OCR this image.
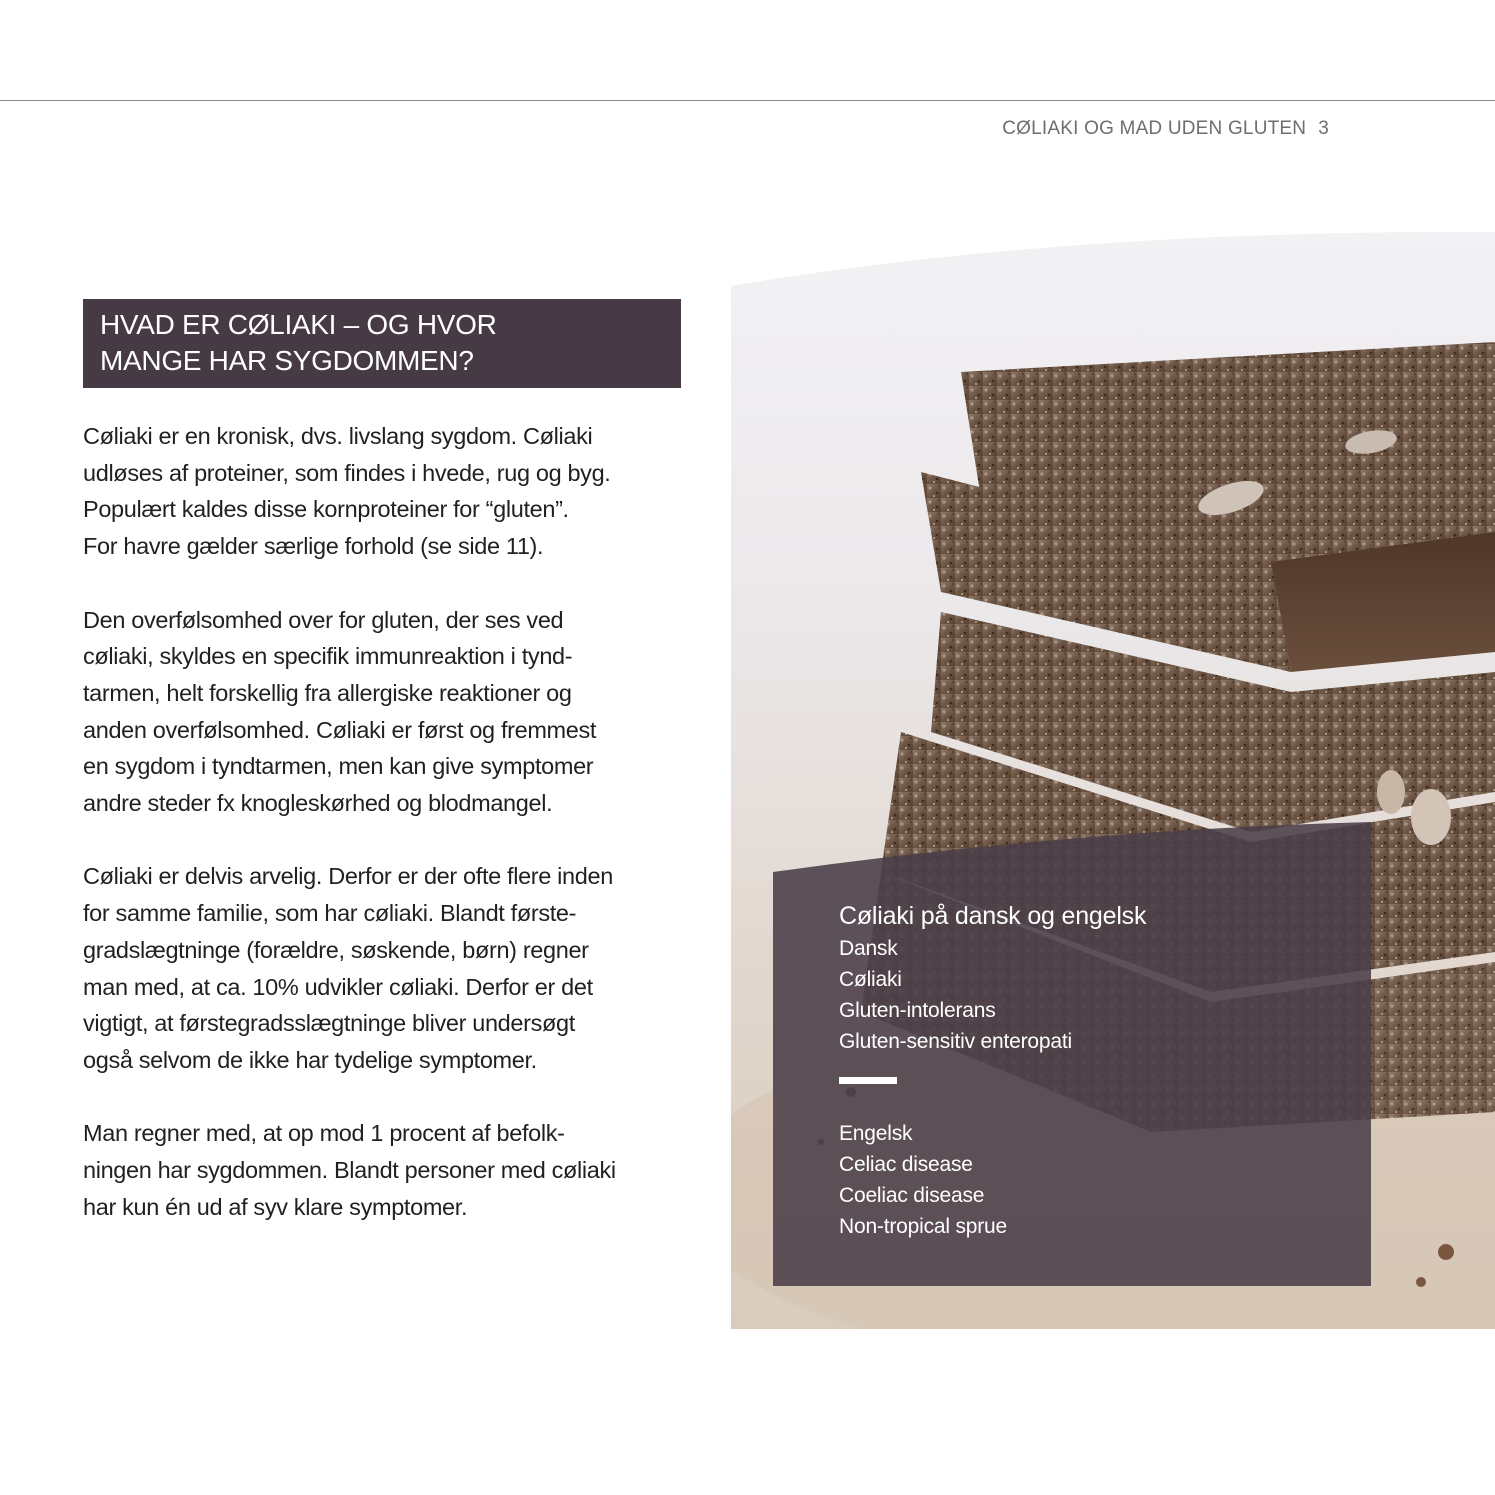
CØLIAKI OG MAD UDEN GLUTEN 3
HVAD ER CØLIAKI – OG HVOR
MANGE HAR SYGDOMMEN?
Cøliaki er en kronisk, dvs. livslang sygdom. Cøliaki
udløses af proteiner, som findes i hvede, rug og byg.
Populært kaldes disse kornproteiner for “gluten”.
For havre gælder særlige forhold (se side 11).
Den overfølsomhed over for gluten, der ses ved
cøliaki, skyldes en specifik immunreaktion i tynd-
tarmen, helt forskellig fra allergiske reaktioner og
anden overfølsomhed. Cøliaki er først og fremmest
en sygdom i tyndtarmen, men kan give symptomer
andre steder fx knogleskørhed og blodmangel.
Cøliaki er delvis arvelig. Derfor er der ofte flere inden
for samme familie, som har cøliaki. Blandt første-
gradslægtninge (forældre, søskende, børn) regner
man med, at ca. 10% udvikler cøliaki. Derfor er det
vigtigt, at førstegradsslægtninge bliver undersøgt
også selvom de ikke har tydelige symptomer.
Man regner med, at op mod 1 procent af befolk-
ningen har sygdommen. Blandt personer med cøliaki
har kun én ud af syv klare symptomer.
Cøliaki på dansk og engelsk
Dansk
Cøliaki
Gluten-intolerans
Gluten-sensitiv enteropati
Engelsk
Celiac disease
Coeliac disease
Non-tropical sprue
